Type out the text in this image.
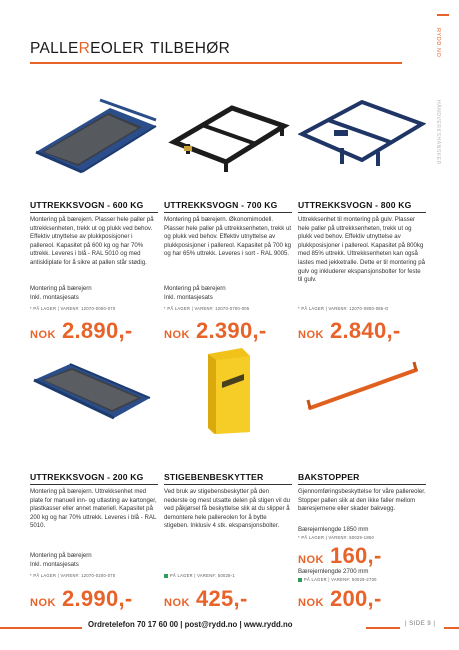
PALLEREOLER TILBEHØR	RYDD.NO
HÅNDVERKSHANSKER
UTTREKKSVOGN - 600 KG
Montering på bærejern. Plasser hele paller på uttrekksenheten, trekk ut og plukk ved behov. Effektiv utnyttelse av plukkposisjoner i pallereol. Kapasitet på 600 kg og har 70% uttrekk. Leveres i blå - RAL 5010 og med antiskliplate for å sikre at pallen står stødig.
Montering på bærejern
Inkl. montasjesats
* PÅ LAGER | VAREN#: 12070-0000-070
NOK 2.890,-
UTTREKKSVOGN - 700 KG
Montering på bærejern. Økonomimodell. Plasser hele paller på uttrekksenheten, trekk ut og plukk ved behov. Effektiv utnyttelse av plukkposisjoner i pallereol. Kapasitet på 700 kg og har 65% uttrekk. Leveres i sort - RAL 9005.
Montering på bærejern
Inkl. montasjesats
* PÅ LAGER | VAREN#: 12070-0700-005
NOK 2.390,-
UTTREKKSVOGN - 800 KG
Uttrekksenhet til montering på gulv. Plasser hele paller på uttrekksenheten, trekk ut og plukk ved behov. Effektiv utnyttelse av plukkposisjoner i pallereol. Kapasitet på 800kg med 85% uttrekk. Uttrekksenheten kan også lastes med jekketralle. Dette er til montering på gulv og inkluderer ekspansjonsbolter for feste til gulv.
* PÅ LAGER | VAREN#: 12070-0800-085-G
NOK 2.840,-
UTTREKKSVOGN - 200 KG
Montering på bærejern. Uttrekksenhet med plate for manuell inn- og utlasting av kartonger, plastkasser eller annet materiell. Kapasitet på 200 kg og har 70% uttrekk. Leveres i blå - RAL 5010.
Montering på bærejern
Inkl. montasjesats
* PÅ LAGER | VAREN#: 12070-0200-070
NOK 2.990,-
STIGEBENBESKYTTER
Ved bruk av stigebensbeskytter på den nederste og mest utsatte delen på stigen vil du ved påkjørsel få beskyttelse slik at du slipper å demontere hele pallereolen for å bytte stigeben. Inklusiv 4 stk. ekspansjonsbolter.
PÅ LAGER | VAREN#: 50028-1
NOK 425,-
BAKSTOPPER
Gjennomføringsbeskyttelse for våre pallereoler. Stopper pallen slik at den ikke faller mellom bæresjernene eller skader bakvegg.
Bærejernlengde 1850 mm
* PÅ LAGER | VAREN#: 50029-1850
NOK 160,-
Bærejernlengde 2700 mm
PÅ LAGER | VAREN#: 50029-2700
NOK 200,-
Ordretelefon 70 17 60 00 | post@rydd.no | www.rydd.no	| SIDE 9 |
